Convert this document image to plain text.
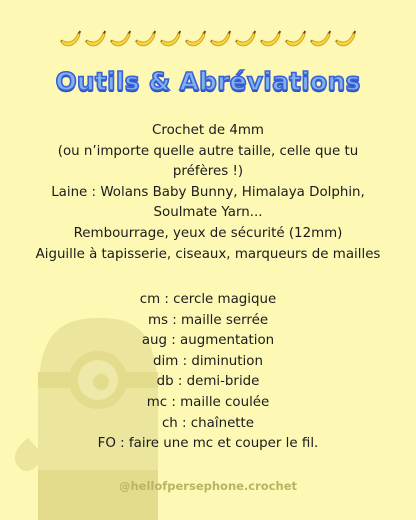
Outils & Abréviations
Crochet de 4mm
(ou n’importe quelle autre taille, celle que tu
préfères !)
Laine : Wolans Baby Bunny, Himalaya Dolphin,
Soulmate Yarn...
Rembourrage, yeux de sécurité (12mm)
Aiguille à tapisserie, ciseaux, marqueurs de mailles
cm : cercle magique
ms : maille serrée
aug : augmentation
dim : diminution
db : demi-bride
mc : maille coulée
ch : chaînette
FO : faire une mc et couper le fil.
@hellofpersephone.crochet
